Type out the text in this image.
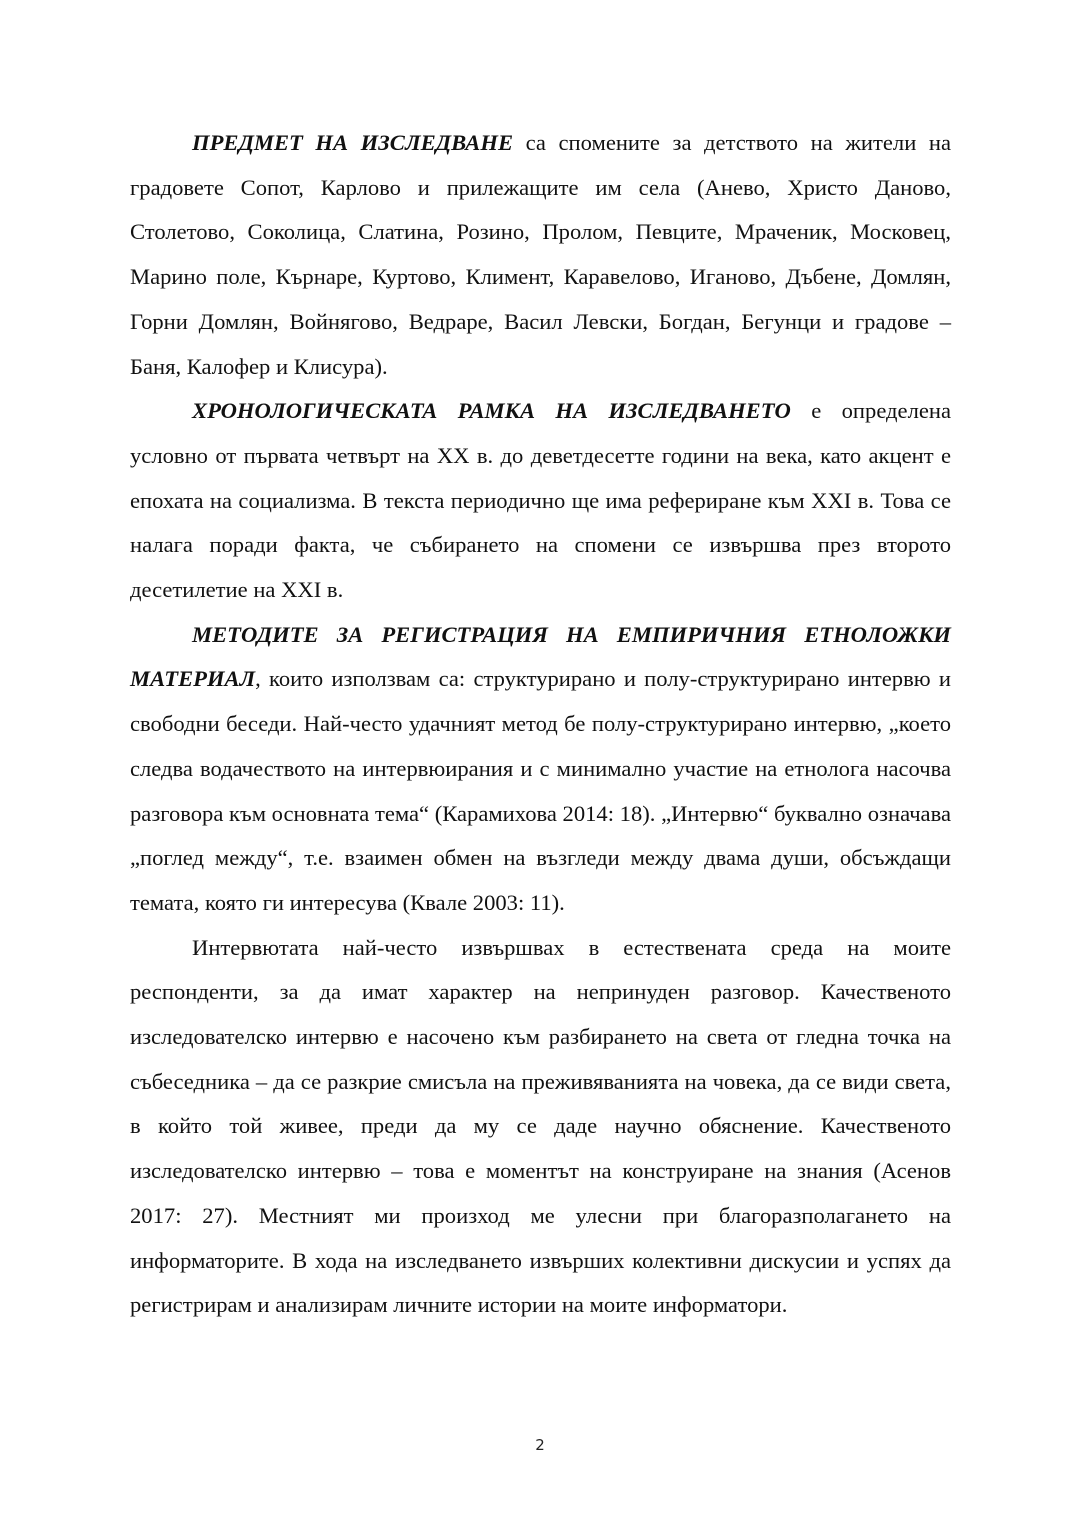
ПРЕДМЕТ НА ИЗСЛЕДВАНЕ са спомените за детството на жители на градовете Сопот, Карлово и прилежащите им села (Анево, Христо Даново, Столетово, Соколица, Слатина, Розино, Пролом, Певците, Мраченик, Московец, Марино поле, Кърнаре, Куртово, Климент, Каравелово, Иганово, Дъбене, Домлян, Горни Домлян, Войнягово, Ведраре, Васил Левски, Богдан, Бегунци и градове – Баня, Калофер и Клисура).

ХРОНОЛОГИЧЕСКАТА РАМКА НА ИЗСЛЕДВАНЕТО е определена условно от първата четвърт на XX в. до деветдесетте години на века, като акцент е епохата на социализма. В текста периодично ще има рефериране към XXI в. Това се налага поради факта, че събирането на спомени се извършва през второто десетилетие на XXI в.

МЕТОДИТЕ ЗА РЕГИСТРАЦИЯ НА ЕМПИРИЧНИЯ ЕТНОЛОЖКИ МАТЕРИАЛ, които използвам са: структурирано и полу-структурирано интервю и свободни беседи. Най-често удачният метод бе полу-структурирано интервю, „което следва водачеството на интервюирания и с минимално участие на етнолога насочва разговора към основната тема“ (Карамихова 2014: 18). „Интервю“ буквално означава „поглед между“, т.е. взаимен обмен на възгледи между двама души, обсъждащи темата, която ги интересува (Квале 2003: 11).

Интервютата най-често извършвах в естествената среда на моите респонденти, за да имат характер на непринуден разговор. Качественото изследователско интервю е насочено към разбирането на света от гледна точка на събеседника – да се разкрие смисъла на преживяванията на човека, да се види света, в който той живее, преди да му се даде научно обяснение. Качественото изследователско интервю – това е моментът на конструиране на знания (Асенов 2017: 27). Местният ми произход ме улесни при благоразполагането на информаторите. В хода на изследването извърших колективни дискусии и успях да регистрирам и анализирам личните истории на моите информатори.

2
